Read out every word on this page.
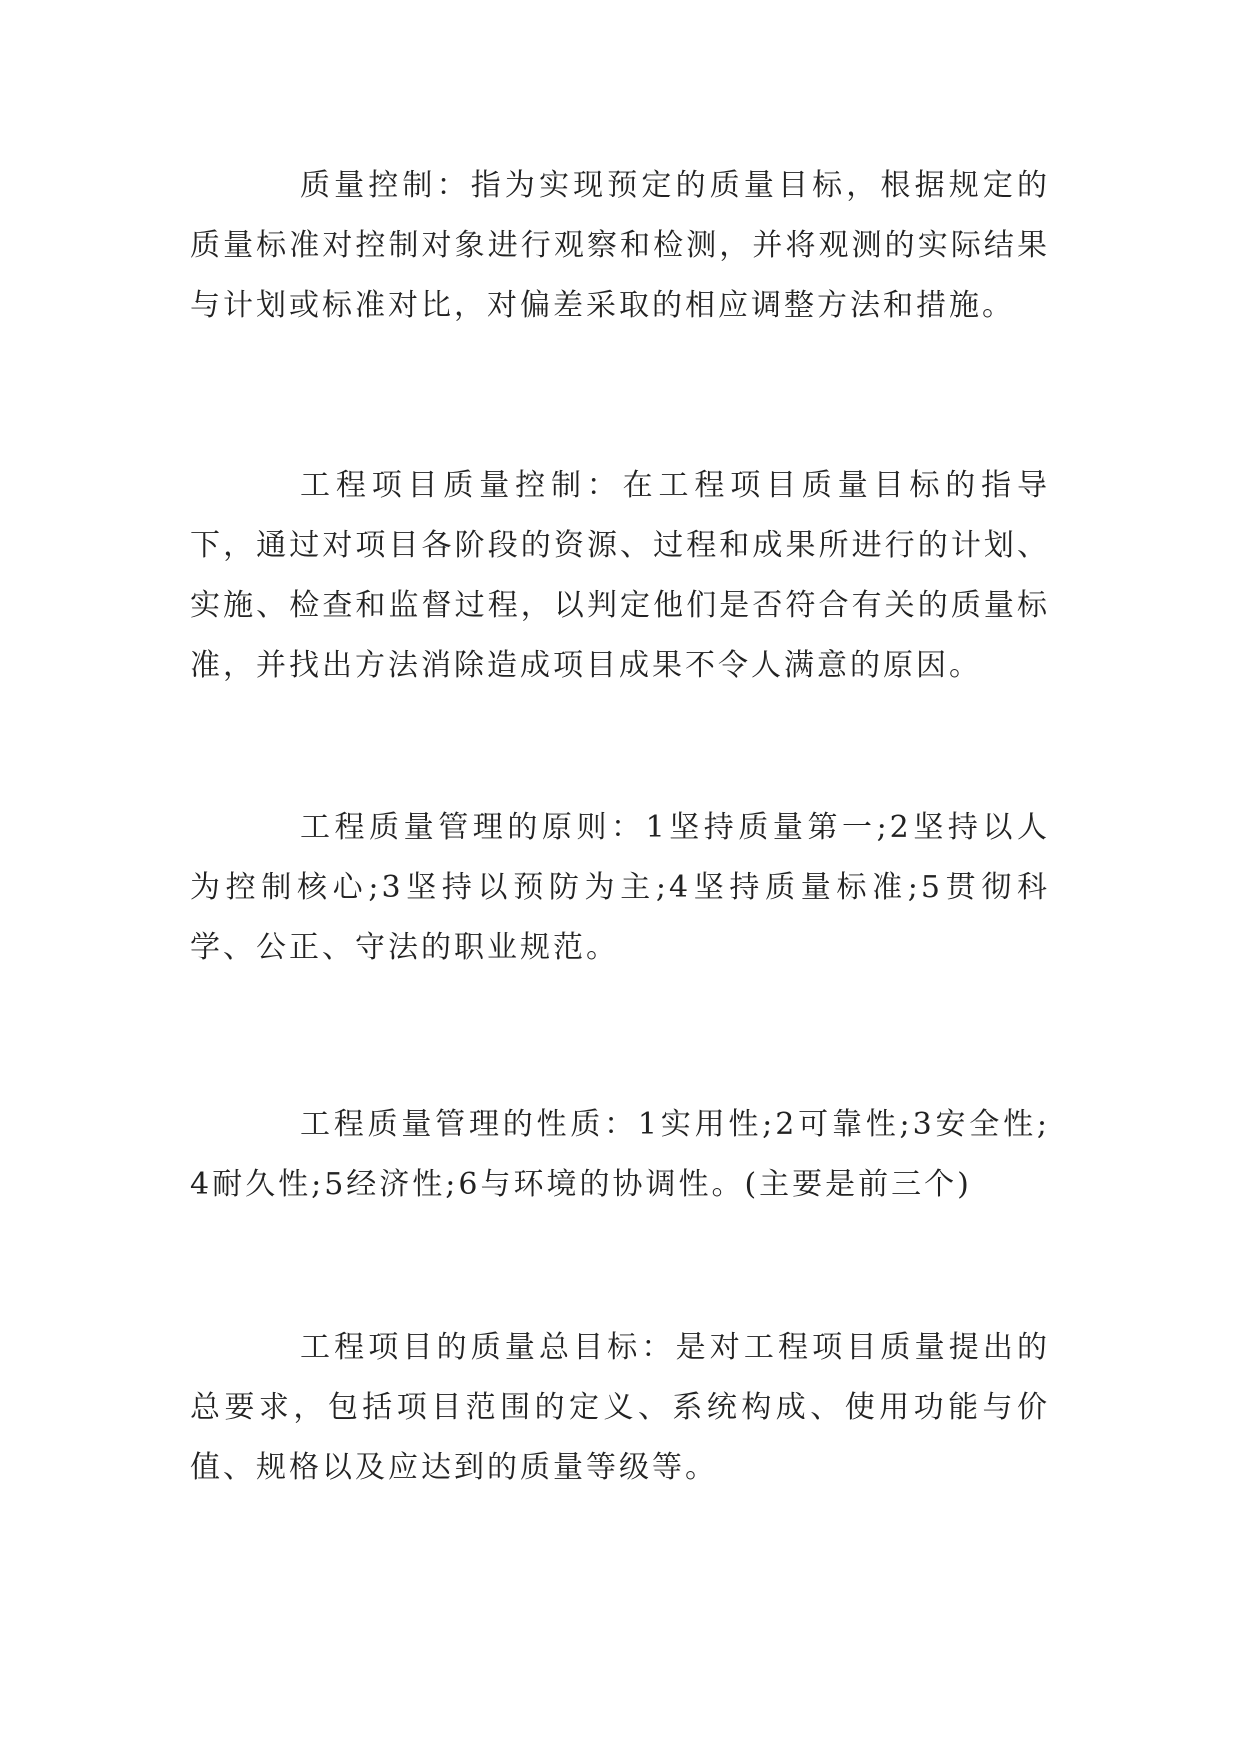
质量控制：指为实现预定的质量目标，根据规定的质量标准对控制对象进行观察和检测，并将观测的实际结果与计划或标准对比，对偏差采取的相应调整方法和措施。

工程项目质量控制：在工程项目质量目标的指导下，通过对项目各阶段的资源、过程和成果所进行的计划、实施、检查和监督过程，以判定他们是否符合有关的质量标准，并找出方法消除造成项目成果不令人满意的原因。

工程质量管理的原则：1坚持质量第一;2坚持以人为控制核心;3坚持以预防为主;4坚持质量标准;5贯彻科学、公正、守法的职业规范。

工程质量管理的性质：1实用性;2可靠性;3安全性;4耐久性;5经济性;6与环境的协调性。(主要是前三个)

工程项目的质量总目标：是对工程项目质量提出的总要求，包括项目范围的定义、系统构成、使用功能与价值、规格以及应达到的质量等级等。
